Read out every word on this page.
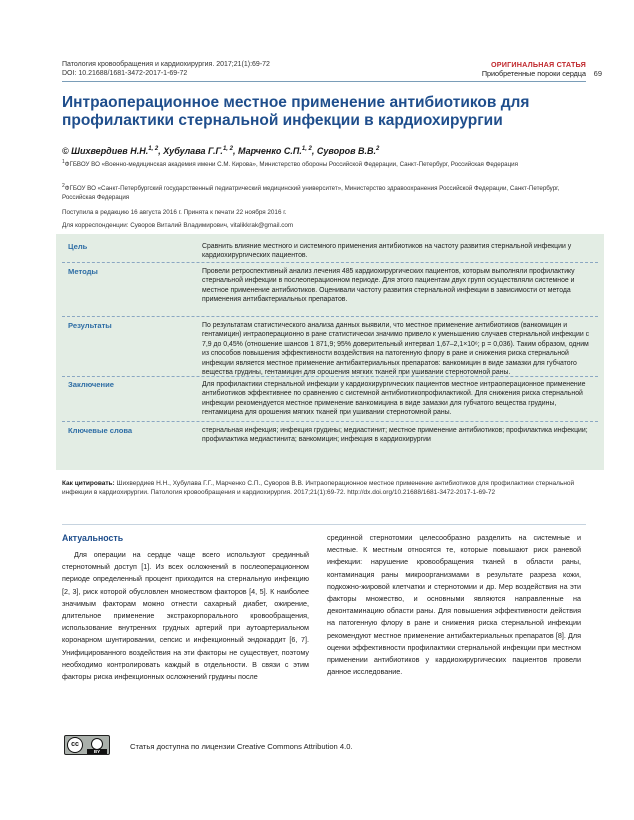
Патология кровообращения и кардиохирургия. 2017;21(1):69-72
DOI: 10.21688/1681-3472-2017-1-69-72
ОРИГИНАЛЬНАЯ СТАТЬЯ
Приобретенные пороки сердца 69
Интраоперационное местное применение антибиотиков для профилактики стернальной инфекции в кардиохирургии
© Шихвердиев Н.Н.$^{1, 2}$, Хубулава Г.Г.$^{1, 2}$, Марченко С.П.$^{1, 2}$, Суворов В.В.$^2$
$^1$ФГБВОУ ВО «Военно-медицинская академия имени С.М. Кирова», Министерство обороны Российской Федерации, Санкт-Петербург, Российская Федерация
$^2$ФГБОУ ВО «Санкт-Петербургский государственный педиатрический медицинский университет», Министерство здравоохранения Российской Федерации, Санкт-Петербург, Российская Федерация
Поступила в редакцию 16 августа 2016 г. Принята к печати 22 ноября 2016 г.
Для корреспонденции: Суворов Виталий Владимирович, vitalikkrak@gmail.com
Цель	Сравнить влияние местного и системного применения антибиотиков на частоту развития стернальной инфекции у кардиохирургических пациентов.
Методы	Провели ретроспективный анализ лечения 485 кардиохирургических пациентов, которым выполняли профилактику стернальной инфекции в послеоперационном периоде. Для этого пациентам двух групп осуществляли системное и местное применение антибиотиков. Оценивали частоту развития стернальной инфекции в зависимости от метода применения антибактериальных препаратов.
Результаты	По результатам статистического анализа данных выявили, что местное применение антибиотиков (ванкомицин и гентамицин) интраоперационно в ране статистически значимо привело к уменьшению случаев стернальной инфекции с 7,9 до 0,45% (отношение шансов 1 871,9; 95% доверительный интервал 1,67–2,1×10⁶; р = 0,036). Таким образом, одним из способов повышения эффективности воздействия на патогенную флору в ране и снижения риска стернальной инфекции является местное применение антибактериальных препаратов: ванкомицин в виде замазки для губчатого вещества грудины, гентамицин для орошения мягких тканей при ушивании стернотомной раны.
Заключение	Для профилактики стернальной инфекции у кардиохирургических пациентов местное интраоперационное применение антибиотиков эффективнее по сравнению с системной антибиотикопрофилактикой. Для снижения риска стернальной инфекции рекомендуется местное применение ванкомицина в виде замазки для губчатого вещества грудины, гентамицина для орошения мягких тканей при ушивании стернотомной раны.
Ключевые слова	стернальная инфекция; инфекция грудины; медиастинит; местное применение антибиотиков; профилактика инфекции; профилактика медиастинита; ванкомицин; инфекция в кардиохирургии
Как цитировать: Шихвердиев Н.Н., Хубулава Г.Г., Марченко С.П., Суворов В.В. Интраоперационное местное применение антибиотиков для профилактики стернальной инфекции в кардиохирургии. Патология кровообращения и кардиохирургия. 2017;21(1):69-72. http://dx.doi.org/10.21688/1681-3472-2017-1-69-72
Актуальность

Для операции на сердце чаще всего используют срединный стернотомный доступ [1]. Из всех осложнений в послеоперационном периоде определенный процент приходится на стернальную инфекцию [2, 3], риск которой обусловлен множеством факторов [4, 5]. К наиболее значимым факторам можно отнести сахарный диабет, ожирение, длительное применение экстракорпорального кровообращения, использование внутренних грудных артерий при аутоартериальном коронарном шунтировании, сепсис и инфекционный эндокардит [6, 7]. Унифицированного воздействия на эти факторы не существует, поэтому необходимо контролировать каждый в отдельности. В связи с этим факторы риска инфекционных осложнений грудины после

срединной стернотомии целесообразно разделить на системные и местные. К местным относятся те, которые повышают риск раневой инфекции: нарушение кровообращения тканей в области раны, контаминация раны микроорганизмами в результате разреза кожи, подкожно-жировой клетчатки и стернотомии и др. Мер воздействия на эти факторы множество, и основными являются направленные на деконтаминацию области раны. Для повышения эффективности действия на патогенную флору в ране и снижения риска стернальной инфекции рекомендуют местное применение антибактериальных препаратов [8]. Для оценки эффективности профилактики стернальной инфекции при местном применении антибиотиков у кардиохирургических пациентов провели данное исследование.

cc
BY
Статья доступна по лицензии Creative Commons Attribution 4.0.
